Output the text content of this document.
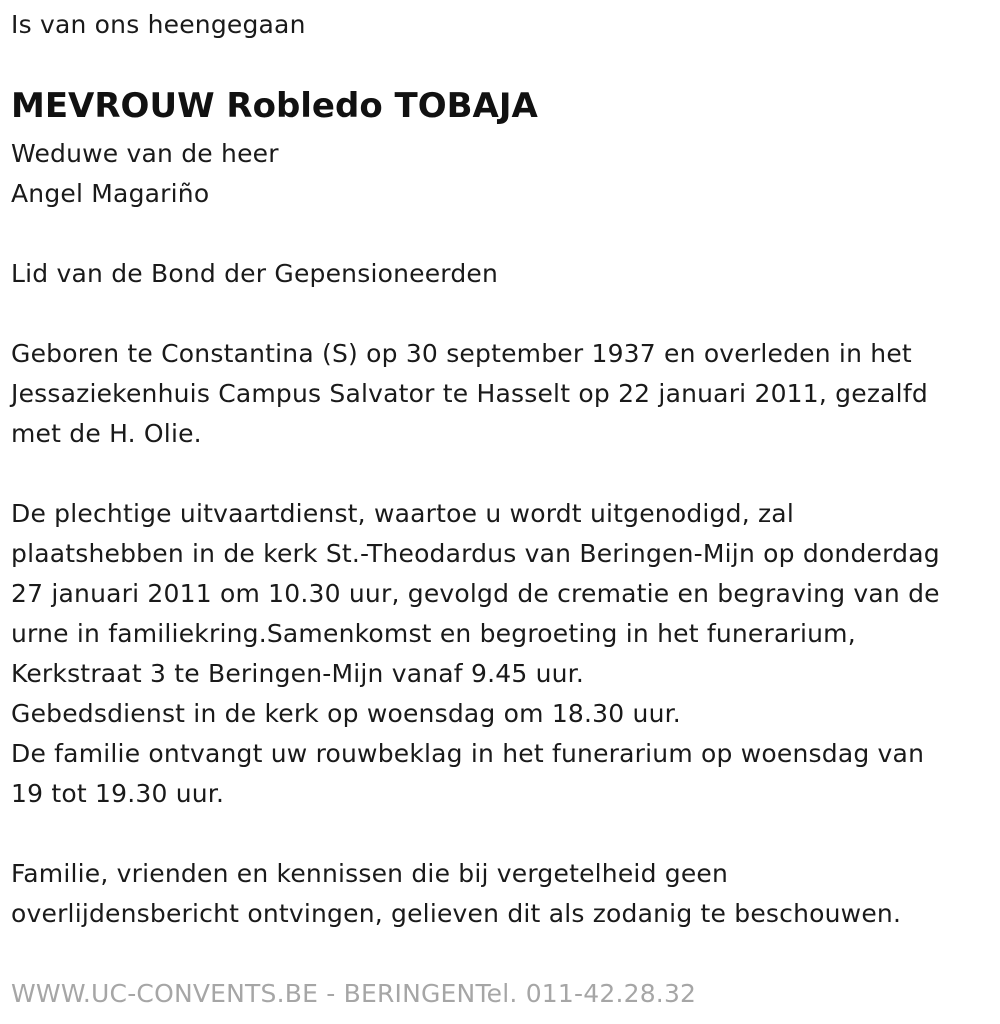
Is van ons heengegaan
MEVROUW Robledo TOBAJA
Weduwe van de heer
Angel Magariño
Lid van de Bond der Gepensioneerden
Geboren te Constantina (S) op 30 september 1937 en overleden in het
Jessaziekenhuis Campus Salvator te Hasselt op 22 januari 2011, gezalfd
met de H. Olie.
De plechtige uitvaartdienst, waartoe u wordt uitgenodigd, zal
plaatshebben in de kerk St.-Theodardus van Beringen-Mijn op donderdag
27 januari 2011 om 10.30 uur, gevolgd de crematie en begraving van de
urne in familiekring.Samenkomst en begroeting in het funerarium,
Kerkstraat 3 te Beringen-Mijn vanaf 9.45 uur.
Gebedsdienst in de kerk op woensdag om 18.30 uur.
De familie ontvangt uw rouwbeklag in het funerarium op woensdag van
19 tot 19.30 uur.
Familie, vrienden en kennissen die bij vergetelheid geen
overlijdensbericht ontvingen, gelieven dit als zodanig te beschouwen.
WWW.UC-CONVENTS.BE - BERINGENTel. 011-42.28.32
